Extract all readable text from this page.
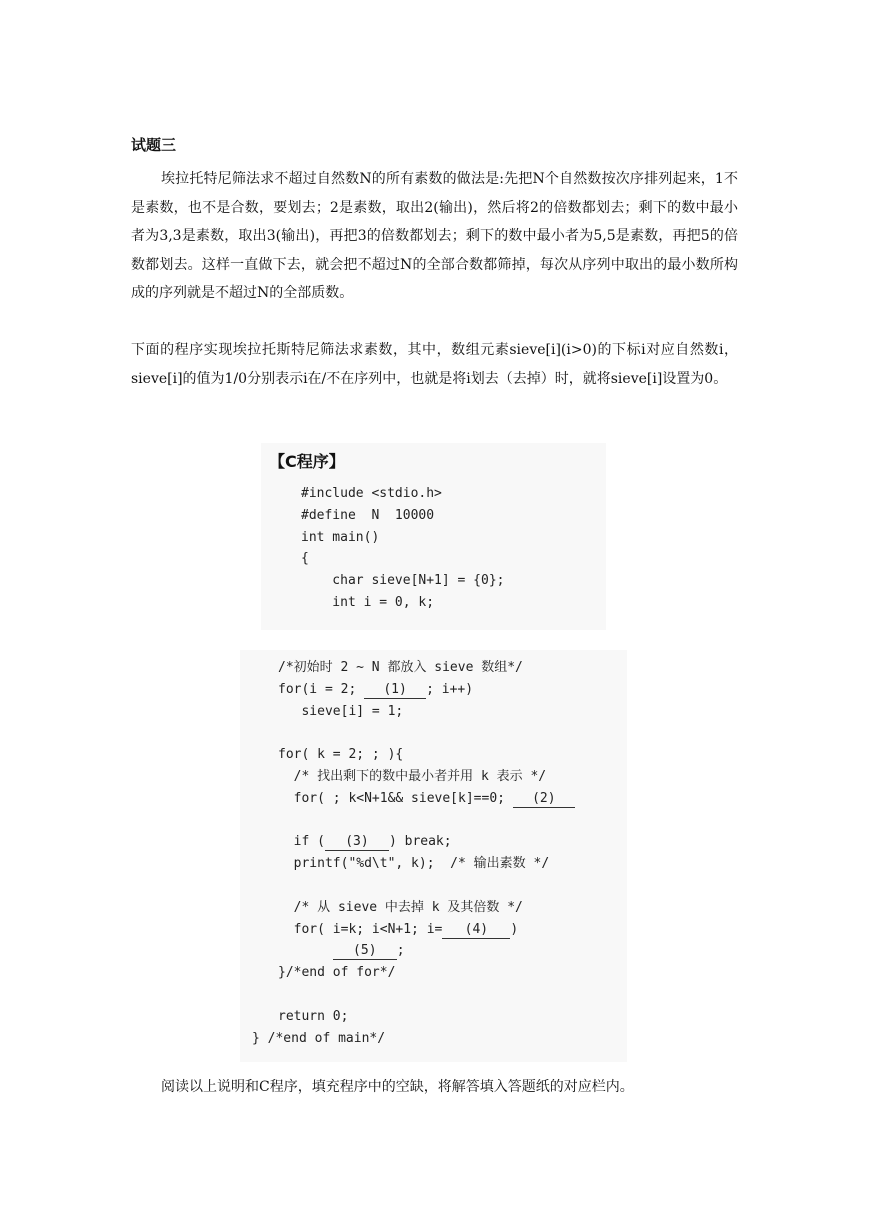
试题三

埃拉托特尼筛法求不超过自然数N的所有素数的做法是:先把N个自然数按次序排列起来，1不是素数，也不是合数，要划去；2是素数，取出2(输出)，然后将2的倍数都划去；剩下的数中最小者为3,3是素数，取出3(输出)，再把3的倍数都划去；剩下的数中最小者为5,5是素数，再把5的倍数都划去。这样一直做下去，就会把不超过N的全部合数都筛掉，每次从序列中取出的最小数所构成的序列就是不超过N的全部质数。

下面的程序实现埃拉托斯特尼筛法求素数，其中，数组元素sieve[i](i>0)的下标i对应自然数i，sieve[i]的值为1/0分别表示i在/不在序列中，也就是将i划去（去掉）时，就将sieve[i]设置为0。

【C程序】
#include <stdio.h>
#define  N  10000
int main()
{
char sieve[N+1] = {0};
int i = 0, k;
/*初始时 2 ~ N 都放入 sieve 数组*/
for(i = 2; (1) ; i++)
sieve[i] = 1;

for( k = 2; ; ){
/* 找出剩下的数中最小者并用 k 表示 */
for( ; k<N+1&& sieve[k]==0; (2)

if ( (3) ) break;
printf("%d\t", k);  /* 输出素数 */

/* 从 sieve 中去掉 k 及其倍数 */
for( i=k; i<N+1; i= (4) )
(5) ;
}/*end of for*/

return 0;
} /*end of main*/

阅读以上说明和C程序，填充程序中的空缺，将解答填入答题纸的对应栏内。
